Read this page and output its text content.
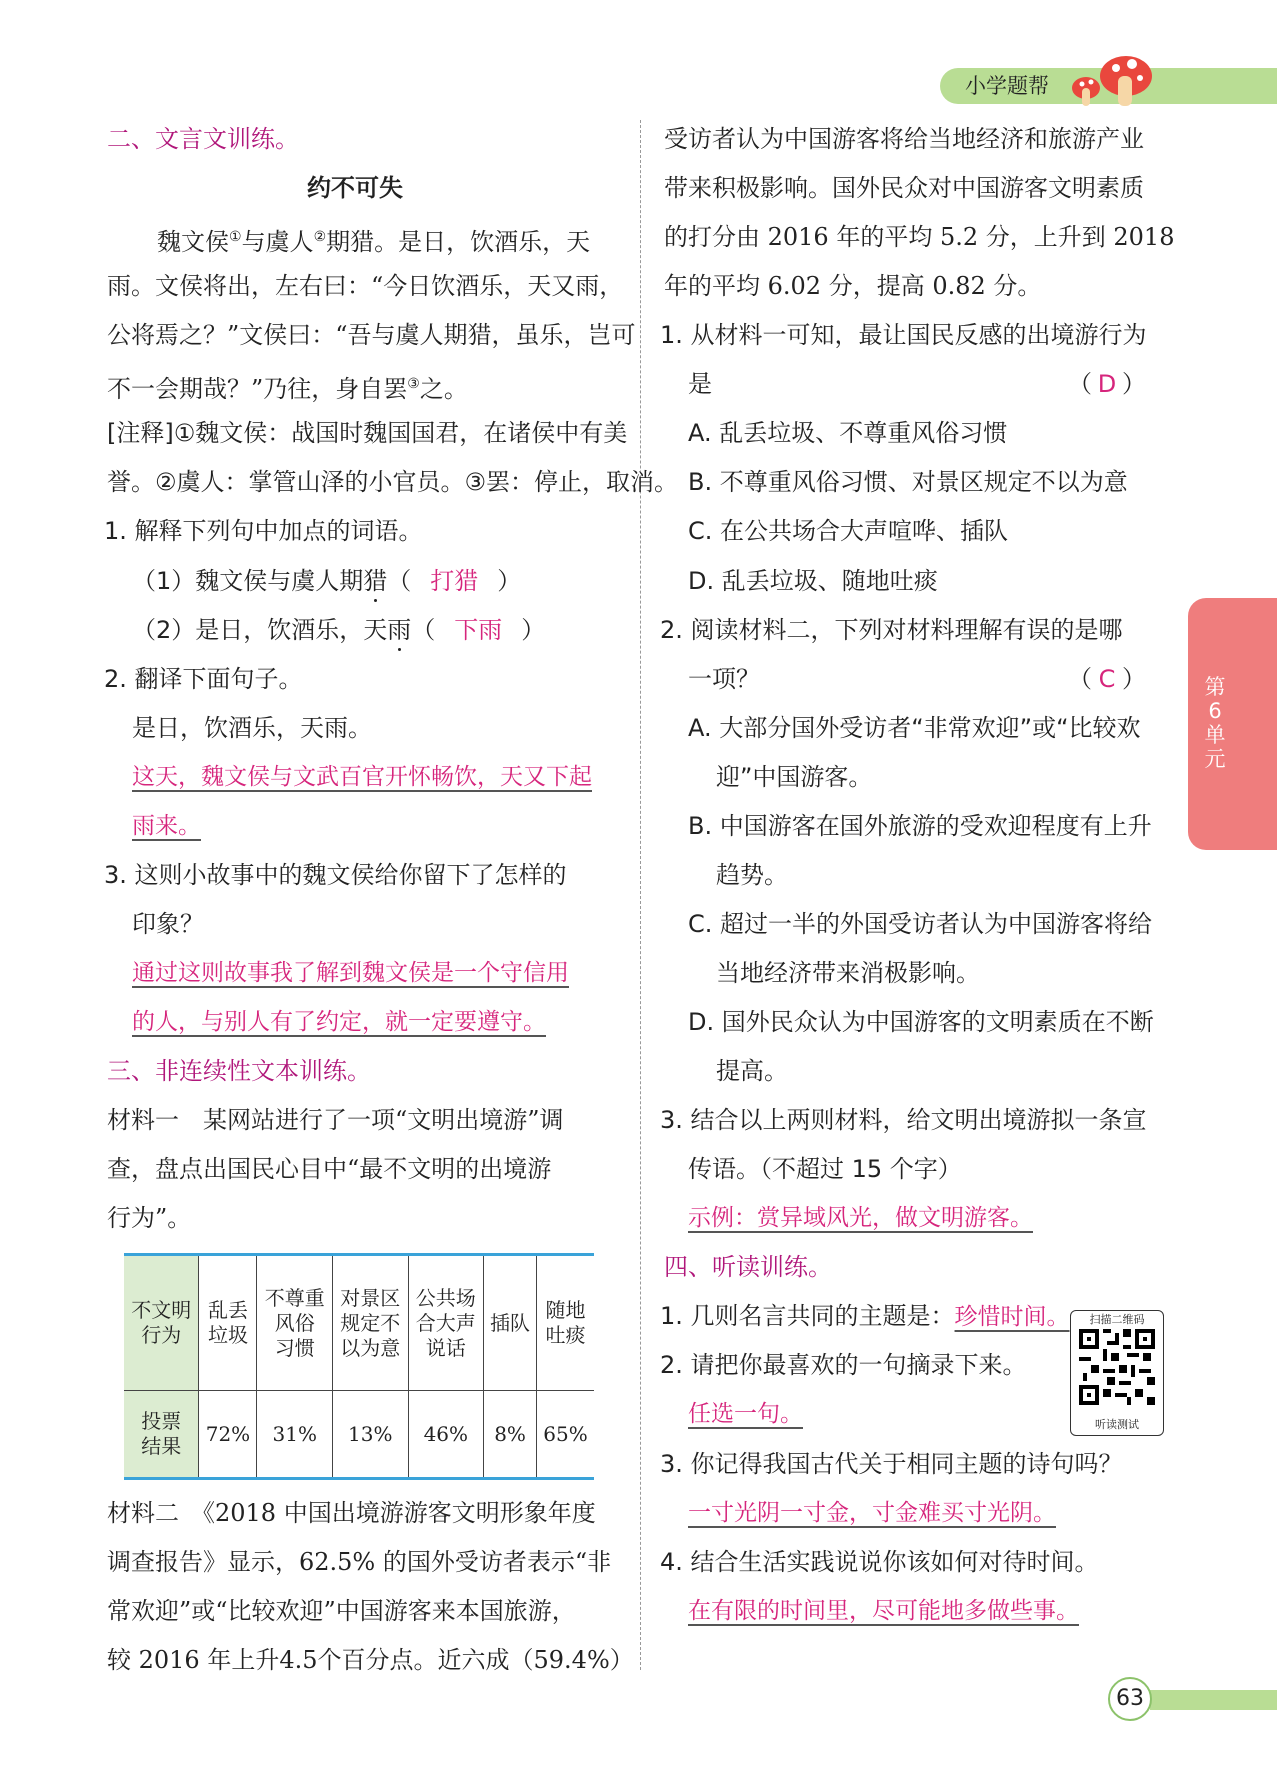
小学题帮
第6单元
二、文言文训练。
约不可失
魏文侯①与虞人②期猎。是日，饮酒乐，天
雨。文侯将出，左右曰：“今日饮酒乐，天又雨，
公将焉之？”文侯曰：“吾与虞人期猎，虽乐，岂可
不一会期哉？”乃往，身自罢③之。
[注释]①魏文侯：战国时魏国国君，在诸侯中有美
誉。②虞人：掌管山泽的小官员。③罢：停止，取消。
1. 解释下列句中加点的词语。
（1）魏文侯与虞人期猎（ 打猎 ）
（2）是日，饮酒乐，天雨（ 下雨 ）
2. 翻译下面句子。
是日，饮酒乐，天雨。
这天，魏文侯与文武百官开怀畅饮，天又下起
雨来。
3. 这则小故事中的魏文侯给你留下了怎样的
印象？
通过这则故事我了解到魏文侯是一个守信用
的人，与别人有了约定，就一定要遵守。
三、非连续性文本训练。
材料一　某网站进行了一项“文明出境游”调
查，盘点出国民心目中“最不文明的出境游
行为”。
不文明
行为	乱丢
垃圾	不尊重
风俗
习惯	对景区
规定不
以为意	公共场
合大声
说话	插队	随地
吐痰
投票
结果	72%	31%	13%	46%	8%	65%
材料二　《2018 中国出境游游客文明形象年度
调查报告》显示，62.5% 的国外受访者表示“非
常欢迎”或“比较欢迎”中国游客来本国旅游，
较 2016 年上升4.5个百分点。近六成（59.4%）
受访者认为中国游客将给当地经济和旅游产业
带来积极影响。国外民众对中国游客文明素质
的打分由 2016 年的平均 5.2 分，上升到 2018
年的平均 6.02 分，提高 0.82 分。
1. 从材料一可知，最让国民反感的出境游行为
是	（ D ）
A. 乱丢垃圾、不尊重风俗习惯
B. 不尊重风俗习惯、对景区规定不以为意
C. 在公共场合大声喧哗、插队
D. 乱丢垃圾、随地吐痰
2. 阅读材料二，下列对材料理解有误的是哪
一项？	（ C ）
A. 大部分国外受访者“非常欢迎”或“比较欢
迎”中国游客。
B. 中国游客在国外旅游的受欢迎程度有上升
趋势。
C. 超过一半的外国受访者认为中国游客将给
当地经济带来消极影响。
D. 国外民众认为中国游客的文明素质在不断
提高。
3. 结合以上两则材料，给文明出境游拟一条宣
传语。（不超过 15 个字）
示例：赏异域风光，做文明游客。
四、听读训练。
1. 几则名言共同的主题是：珍惜时间。
2. 请把你最喜欢的一句摘录下来。
任选一句。
3. 你记得我国古代关于相同主题的诗句吗？
一寸光阴一寸金，寸金难买寸光阴。
4. 结合生活实践说说你该如何对待时间。
在有限的时间里，尽可能地多做些事。
扫描二维码
听读测试
63
